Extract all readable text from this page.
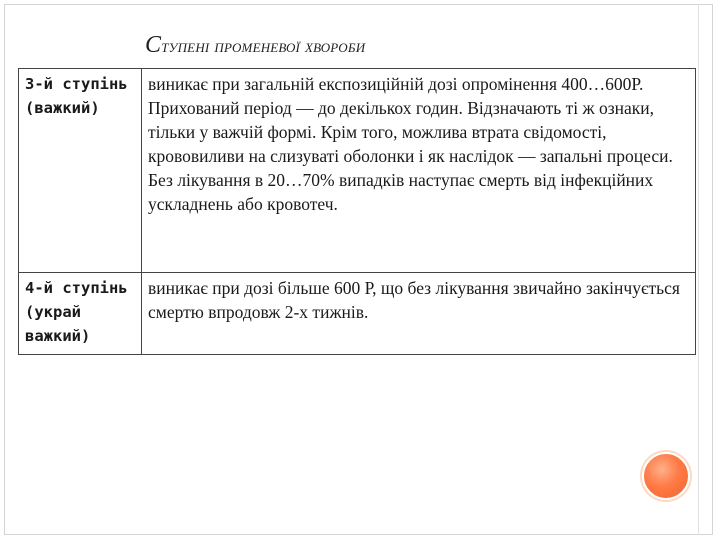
Ступені променевої хвороби
3-й ступінь (важкий)	виникає при загальній експозиційній дозі опромінення 400…600Р. Прихований період — до декількох годин. Відзначають ті ж ознаки, тільки у важчій формі. Крім того, можлива втрата свідомості, крововиливи на слизуваті оболонки і як наслідок — запальні процеси. Без лікування в 20…70% випадків наступає смерть від інфекційних ускладнень або кровотеч.
4-й ступінь (украй важкий)	виникає при дозі більше 600 Р, що без лікування звичайно закінчується смертю впродовж 2-х тижнів.
